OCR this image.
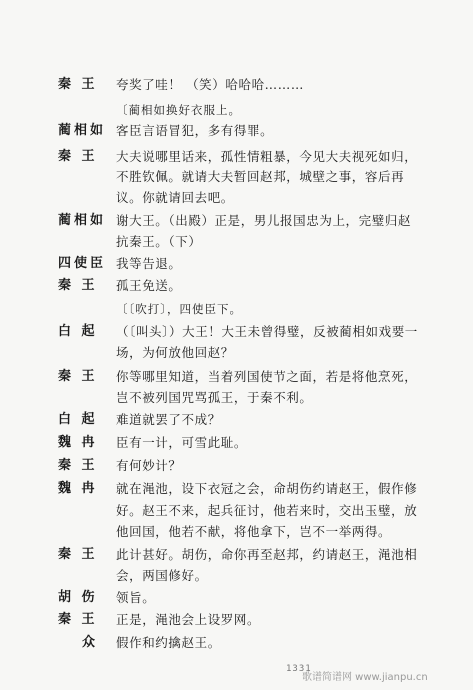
秦 王	夸奖了哇！ （笑）哈哈哈………
〔蔺相如换好衣服上。
蔺相如 客臣言语冒犯，多有得罪。
秦 王	大夫说哪里话来，孤性情粗暴，今见大夫视死如归，
不胜钦佩。就请大夫暂回赵邦，城壁之事，容后再
议。你就请回去吧。
蔺相如 谢大王。（出殿）正是，男儿报国忠为上，完璧归赵
抗秦王。（下）
四使臣 我等告退。
秦 王	孤王免送。
〔〔吹打〕，四使臣下。
白 起	（〔叫头〕）大王！大王未曾得璧，反被蔺相如戏要一
场，为何放他回赵？
秦 王	你等哪里知道，当着列国使节之面，若是将他烹死，
岂不被列国咒骂孤王，于秦不利。
白 起	难道就罢了不成？
魏 冉	臣有一计，可雪此耻。
秦 王	有何妙计？
魏 冉	就在渑池，设下衣冠之会，命胡伤约请赵王，假作修
好。赵王不来，起兵征讨，他若来时，交出玉璧，放
他回国，他若不献，将他拿下，岂不一举两得。
秦 王	此计甚好。胡伤，命你再至赵邦，约请赵王，渑池相
会，两国修好。
胡 伤	领旨。
秦 王	正是，渑池会上设罗网。
众	假作和约擒赵王。
1331
歌谱简谱网 www.jianpu.cn
